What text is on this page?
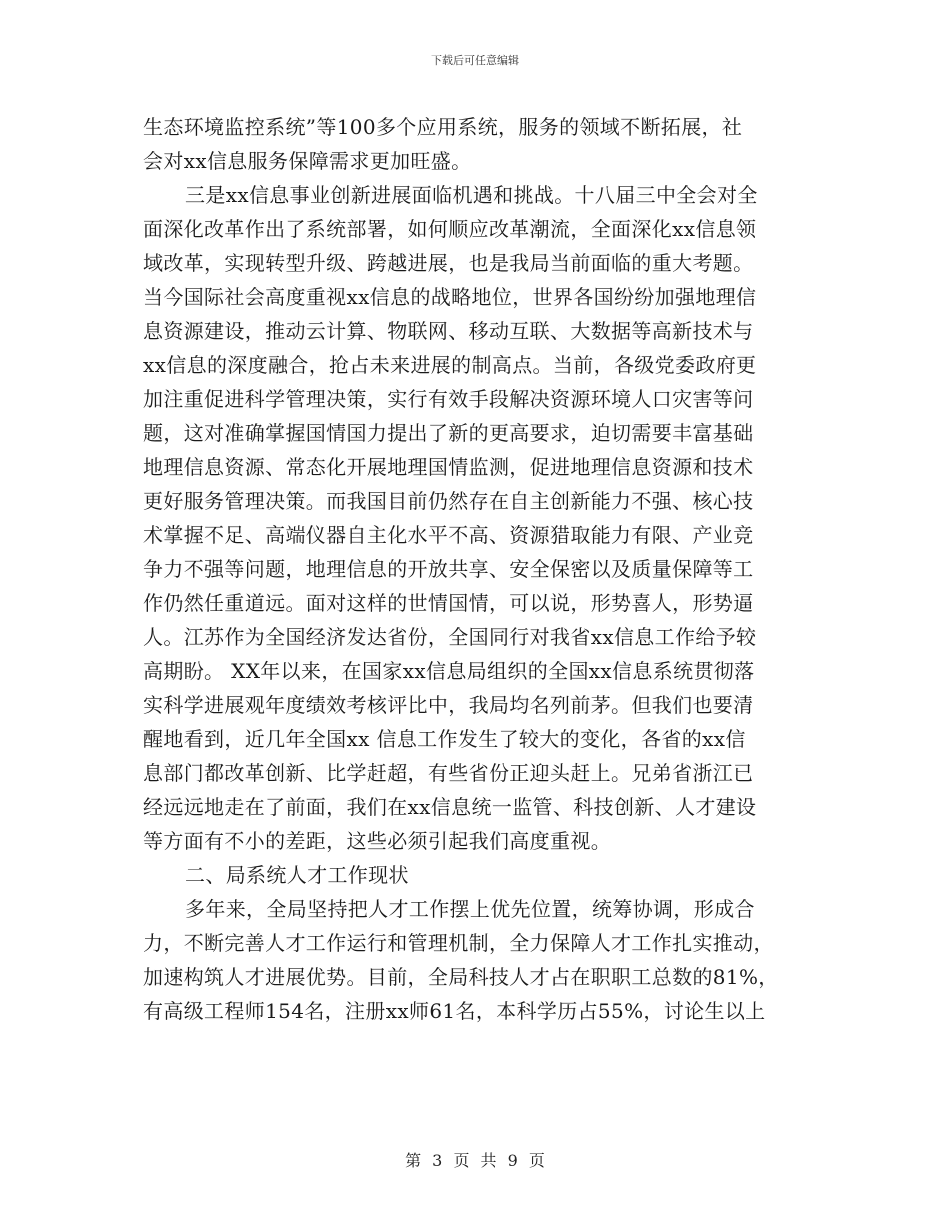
下载后可任意编辑
生态环境监控系统”等100多个应用系统，服务的领域不断拓展，社
会对xx信息服务保障需求更加旺盛。
三是xx信息事业创新进展面临机遇和挑战。十八届三中全会对全
面深化改革作出了系统部署，如何顺应改革潮流，全面深化xx信息领
域改革，实现转型升级、跨越进展，也是我局当前面临的重大考题。
当今国际社会高度重视xx信息的战略地位，世界各国纷纷加强地理信
息资源建设，推动云计算、物联网、移动互联、大数据等高新技术与
xx信息的深度融合，抢占未来进展的制高点。当前，各级党委政府更
加注重促进科学管理决策，实行有效手段解决资源环境人口灾害等问
题，这对准确掌握国情国力提出了新的更高要求，迫切需要丰富基础
地理信息资源、常态化开展地理国情监测，促进地理信息资源和技术
更好服务管理决策。而我国目前仍然存在自主创新能力不强、核心技
术掌握不足、高端仪器自主化水平不高、资源猎取能力有限、产业竞
争力不强等问题，地理信息的开放共享、安全保密以及质量保障等工
作仍然任重道远。面对这样的世情国情，可以说，形势喜人，形势逼
人。江苏作为全国经济发达省份，全国同行对我省xx信息工作给予较
高期盼。 XX年以来，在国家xx信息局组织的全国xx信息系统贯彻落
实科学进展观年度绩效考核评比中，我局均名列前茅。但我们也要清
醒地看到，近几年全国xx 信息工作发生了较大的变化，各省的xx信
息部门都改革创新、比学赶超，有些省份正迎头赶上。兄弟省浙江已
经远远地走在了前面，我们在xx信息统一监管、科技创新、人才建设
等方面有不小的差距，这些必须引起我们高度重视。
二、局系统人才工作现状
多年来，全局坚持把人才工作摆上优先位置，统筹协调，形成合
力，不断完善人才工作运行和管理机制，全力保障人才工作扎实推动，
加速构筑人才进展优势。目前，全局科技人才占在职职工总数的81%，
有高级工程师154名，注册xx师61名，本科学历占55%，讨论生以上
第 3 页 共 9 页
